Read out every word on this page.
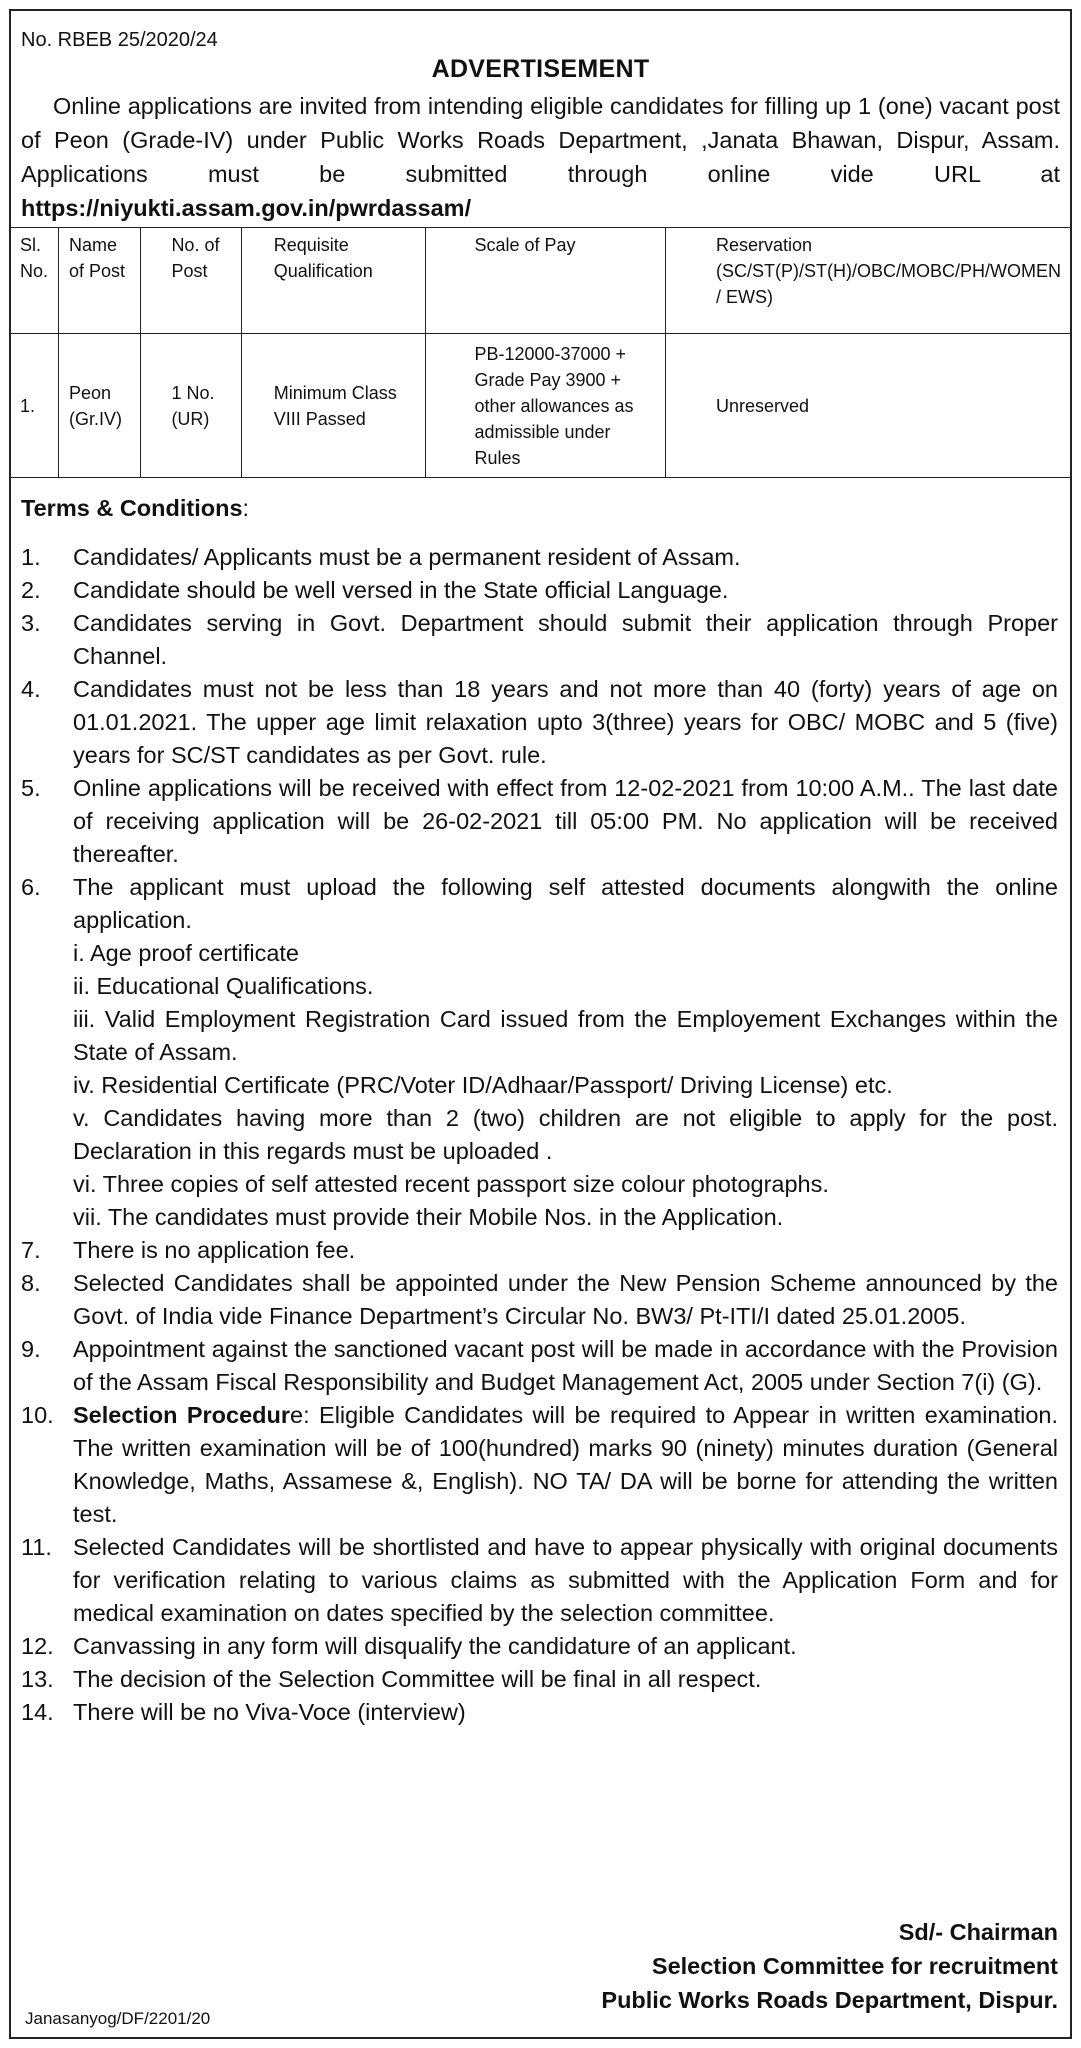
No. RBEB 25/2020/24
ADVERTISEMENT
Online applications are invited from intending eligible candidates for filling up 1 (one) vacant post of Peon (Grade-IV) under Public Works Roads Department, ,Janata Bhawan, Dispur, Assam. Applications must be submitted through online vide URL at https://niyukti.assam.gov.in/pwrdassam/
Sl. No.	Name of Post	No. of Post	Requisite Qualification	Scale of Pay	Reservation (SC/ST(P)/ST(H)/OBC/MOBC/PH/WOMEN / EWS)
1.	Peon (Gr.IV)	1 No. (UR)	Minimum Class VIII Passed	PB-12000-37000 + Grade Pay 3900 + other allowances as admissible under Rules	Unreserved
Terms & Conditions:
1. Candidates/ Applicants must be a permanent resident of Assam.
2. Candidate should be well versed in the State official Language.
3. Candidates serving in Govt. Department should submit their application through Proper Channel.
4. Candidates must not be less than 18 years and not more than 40 (forty) years of age on 01.01.2021. The upper age limit relaxation upto 3(three) years for OBC/ MOBC and 5 (five) years for SC/ST candidates as per Govt. rule.
5. Online applications will be received with effect from 12-02-2021 from 10:00 A.M.. The last date of receiving application will be 26-02-2021 till 05:00 PM. No application will be received thereafter.
6. The applicant must upload the following self attested documents alongwith the online application.
i. Age proof certificate
ii. Educational Qualifications.
iii. Valid Employment Registration Card issued from the Employement Exchanges within the State of Assam.
iv. Residential Certificate (PRC/Voter ID/Adhaar/Passport/ Driving License) etc.
v. Candidates having more than 2 (two) children are not eligible to apply for the post. Declaration in this regards must be uploaded .
vi. Three copies of self attested recent passport size colour photographs.
vii. The candidates must provide their Mobile Nos. in the Application.
7. There is no application fee.
8. Selected Candidates shall be appointed under the New Pension Scheme announced by the Govt. of India vide Finance Department’s Circular No. BW3/ Pt-ITI/I dated 25.01.2005.
9. Appointment against the sanctioned vacant post will be made in accordance with the Provision of the Assam Fiscal Responsibility and Budget Management Act, 2005 under Section 7(i) (G).
10. Selection Procedure: Eligible Candidates will be required to Appear in written examination. The written examination will be of 100(hundred) marks 90 (ninety) minutes duration (General Knowledge, Maths, Assamese &, English). NO TA/ DA will be borne for attending the written test.
11. Selected Candidates will be shortlisted and have to appear physically with original documents for verification relating to various claims as submitted with the Application Form and for medical examination on dates specified by the selection committee.
12. Canvassing in any form will disqualify the candidature of an applicant.
13. The decision of the Selection Committee will be final in all respect.
14. There will be no Viva-Voce (interview)
Sd/- Chairman
Selection Committee for recruitment
Public Works Roads Department, Dispur.
Janasanyog/DF/2201/20
